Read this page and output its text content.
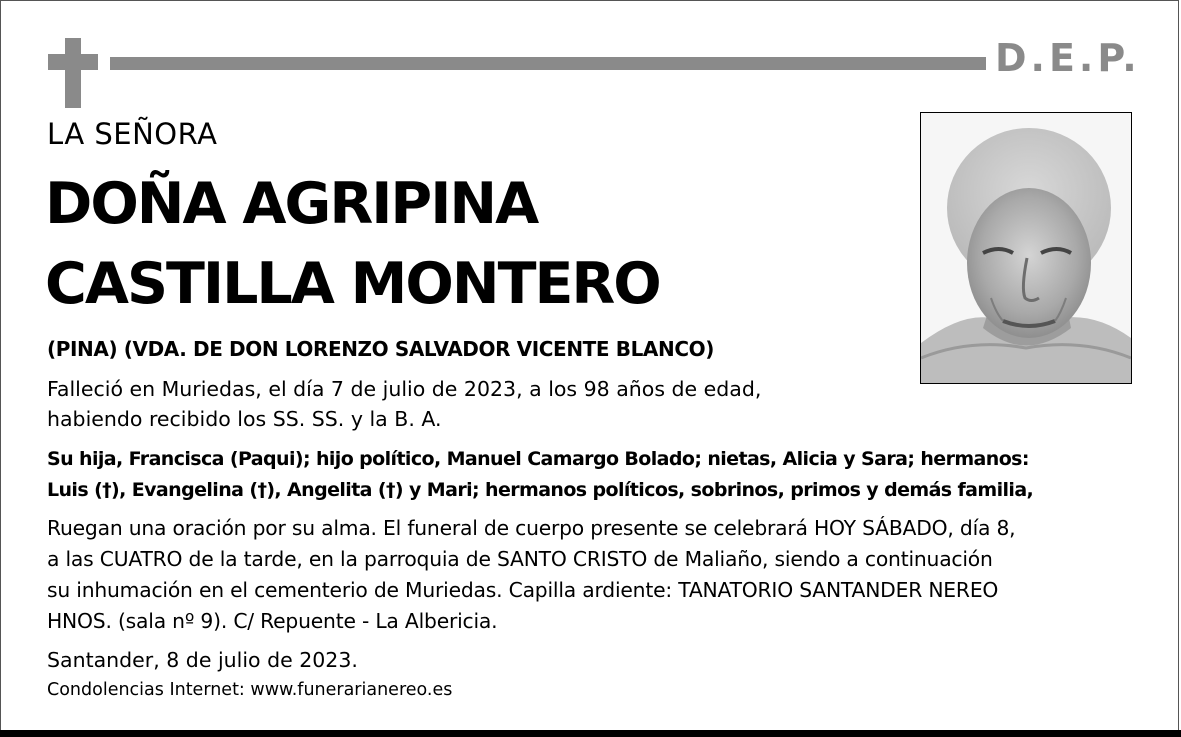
D.E.P.
LA SEÑORA
DOÑA AGRIPINA
CASTILLA MONTERO
(PINA) (VDA. DE DON LORENZO SALVADOR VICENTE BLANCO)
Falleció en Muriedas, el día 7 de julio de 2023, a los 98 años de edad,
habiendo recibido los SS. SS. y la B. A.
Su hija, Francisca (Paqui); hijo político, Manuel Camargo Bolado; nietas, Alicia y Sara; hermanos:
Luis (†), Evangelina (†), Angelita (†) y Mari; hermanos políticos, sobrinos, primos y demás familia,
Ruegan una oración por su alma. El funeral de cuerpo presente se celebrará HOY SÁBADO, día 8,
a las CUATRO de la tarde, en la parroquia de SANTO CRISTO de Maliaño, siendo a continuación
su inhumación en el cementerio de Muriedas. Capilla ardiente: TANATORIO SANTANDER NEREO
HNOS. (sala nº 9). C/ Repuente - La Albericia.
Santander, 8 de julio de 2023.
Condolencias Internet: www.funerarianereo.es
